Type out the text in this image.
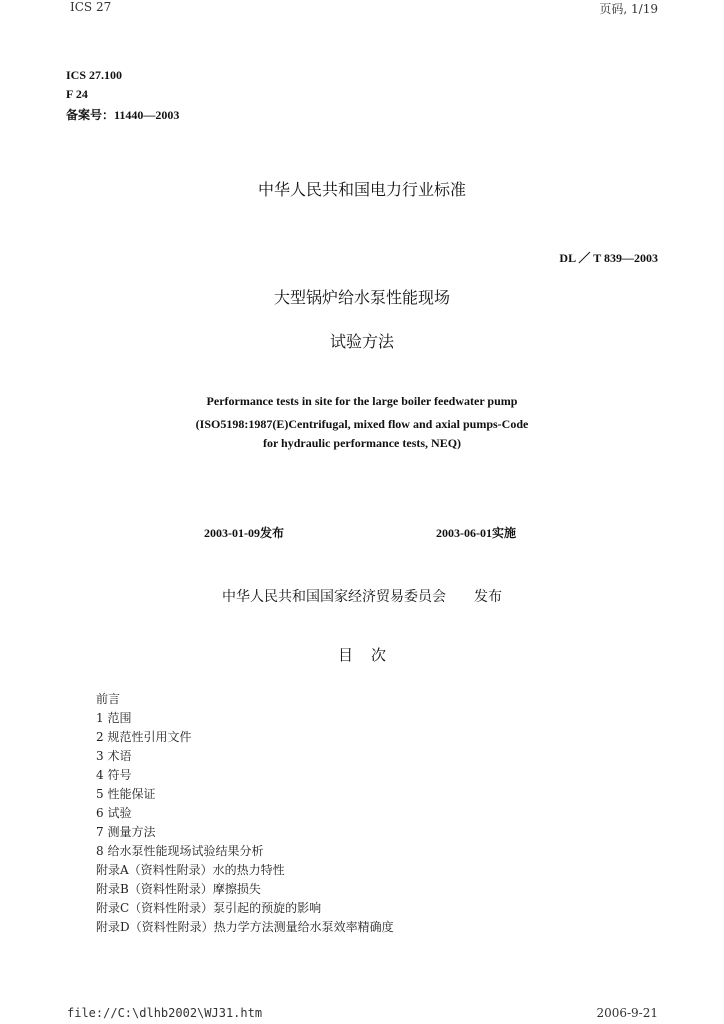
ICS 27	页码, 1/19
ICS 27.100
F 24
备案号：11440—2003
中华人民共和国电力行业标准
DL ／ T 839—2003
大型锅炉给水泵性能现场
试验方法
Performance tests in site for the large boiler feedwater pump
(ISO5198:1987(E)Centrifugal, mixed flow and axial pumps-Code
for hydraulic performance tests, NEQ)
2003-01-09发布	2003-06-01实施
中华人民共和国国家经济贸易委员会 发布
目次
前言
1 范围
2 规范性引用文件
3 术语
4 符号
5 性能保证
6 试验
7 测量方法
8 给水泵性能现场试验结果分析
附录A（资料性附录）水的热力特性
附录B（资料性附录）摩擦损失
附录C（资料性附录）泵引起的预旋的影响
附录D（资料性附录）热力学方法测量给水泵效率精确度
file://C:\dlhb2002\WJ31.htm	2006-9-21
